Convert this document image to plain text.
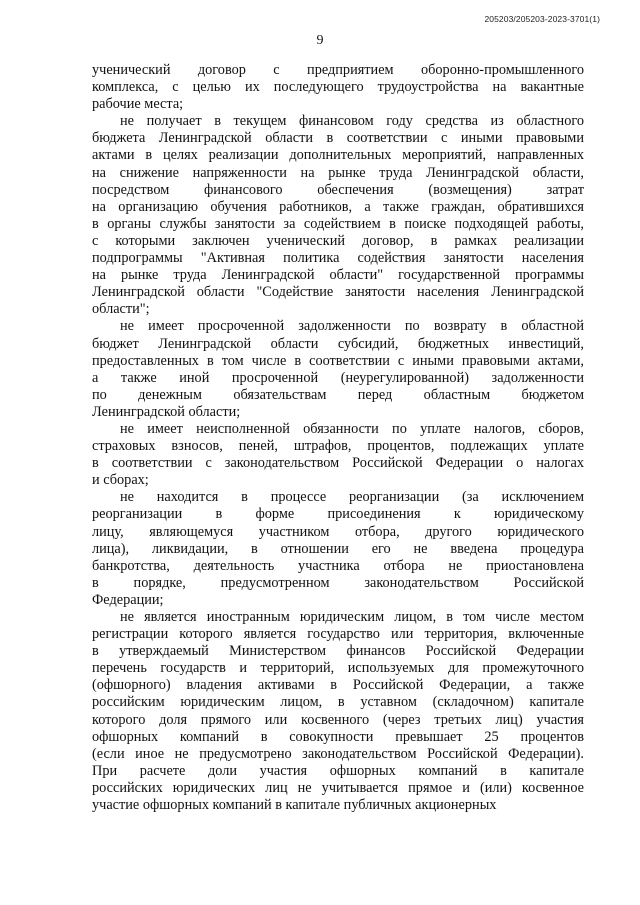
205203/205203-2023-3701(1)
9
ученический договор с предприятием оборонно-промышленного
комплекса, с целью их последующего трудоустройства на вакантные
рабочие места;
не получает в текущем финансовом году средства из областного
бюджета Ленинградской области в соответствии с иными правовыми
актами в целях реализации дополнительных мероприятий, направленных
на снижение напряженности на рынке труда Ленинградской области,
посредством финансового обеспечения (возмещения) затрат
на организацию обучения работников, а также граждан, обратившихся
в органы службы занятости за содействием в поиске подходящей работы,
с которыми заключен ученический договор, в рамках реализации
подпрограммы "Активная политика содействия занятости населения
на рынке труда Ленинградской области" государственной программы
Ленинградской области "Содействие занятости населения Ленинградской
области";
не имеет просроченной задолженности по возврату в областной
бюджет Ленинградской области субсидий, бюджетных инвестиций,
предоставленных в том числе в соответствии с иными правовыми актами,
а также иной просроченной (неурегулированной) задолженности
по денежным обязательствам перед областным бюджетом
Ленинградской области;
не имеет неисполненной обязанности по уплате налогов, сборов,
страховых взносов, пеней, штрафов, процентов, подлежащих уплате
в соответствии с законодательством Российской Федерации о налогах
и сборах;
не находится в процессе реорганизации (за исключением
реорганизации в форме присоединения к юридическому
лицу, являющемуся участником отбора, другого юридического
лица), ликвидации, в отношении его не введена процедура
банкротства, деятельность участника отбора не приостановлена
в порядке, предусмотренном законодательством Российской
Федерации;
не является иностранным юридическим лицом, в том числе местом
регистрации которого является государство или территория, включенные
в утверждаемый Министерством финансов Российской Федерации
перечень государств и территорий, используемых для промежуточного
(офшорного) владения активами в Российской Федерации, а также
российским юридическим лицом, в уставном (складочном) капитале
которого доля прямого или косвенного (через третьих лиц) участия
офшорных компаний в совокупности превышает 25 процентов
(если иное не предусмотрено законодательством Российской Федерации).
При расчете доли участия офшорных компаний в капитале
российских юридических лиц не учитывается прямое и (или) косвенное
участие офшорных компаний в капитале публичных акционерных
